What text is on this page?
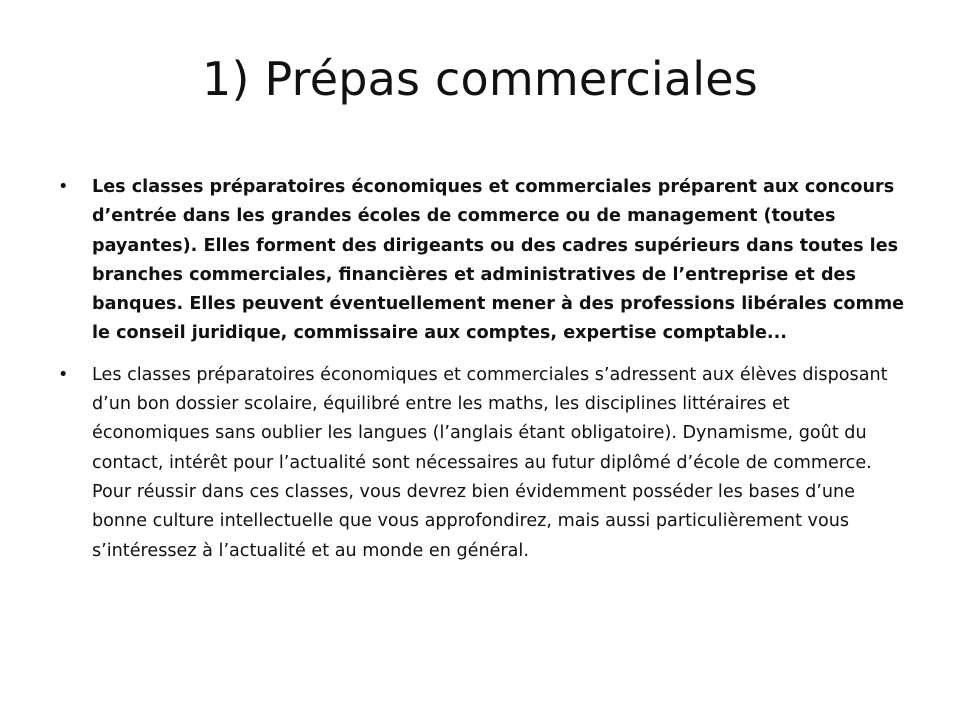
1) Prépas commerciales
•	Les classes préparatoires économiques et commerciales préparent aux concours d’entrée dans les grandes écoles de commerce ou de management (toutes payantes). Elles forment des dirigeants ou des cadres supérieurs dans toutes les branches commerciales, financières et administratives de l’entreprise et des banques. Elles peuvent éventuellement mener à des professions libérales comme le conseil juridique, commissaire aux comptes, expertise comptable...
•	Les classes préparatoires économiques et commerciales s’adressent aux élèves disposant d’un bon dossier scolaire, équilibré entre les maths, les disciplines littéraires et économiques sans oublier les langues (l’anglais étant obligatoire). Dynamisme, goût du contact, intérêt pour l’actualité sont nécessaires au futur diplômé d’école de commerce. Pour réussir dans ces classes, vous devrez bien évidemment posséder les bases d’une bonne culture intellectuelle que vous approfondirez, mais aussi particulièrement vous s’intéressez à l’actualité et au monde en général.
